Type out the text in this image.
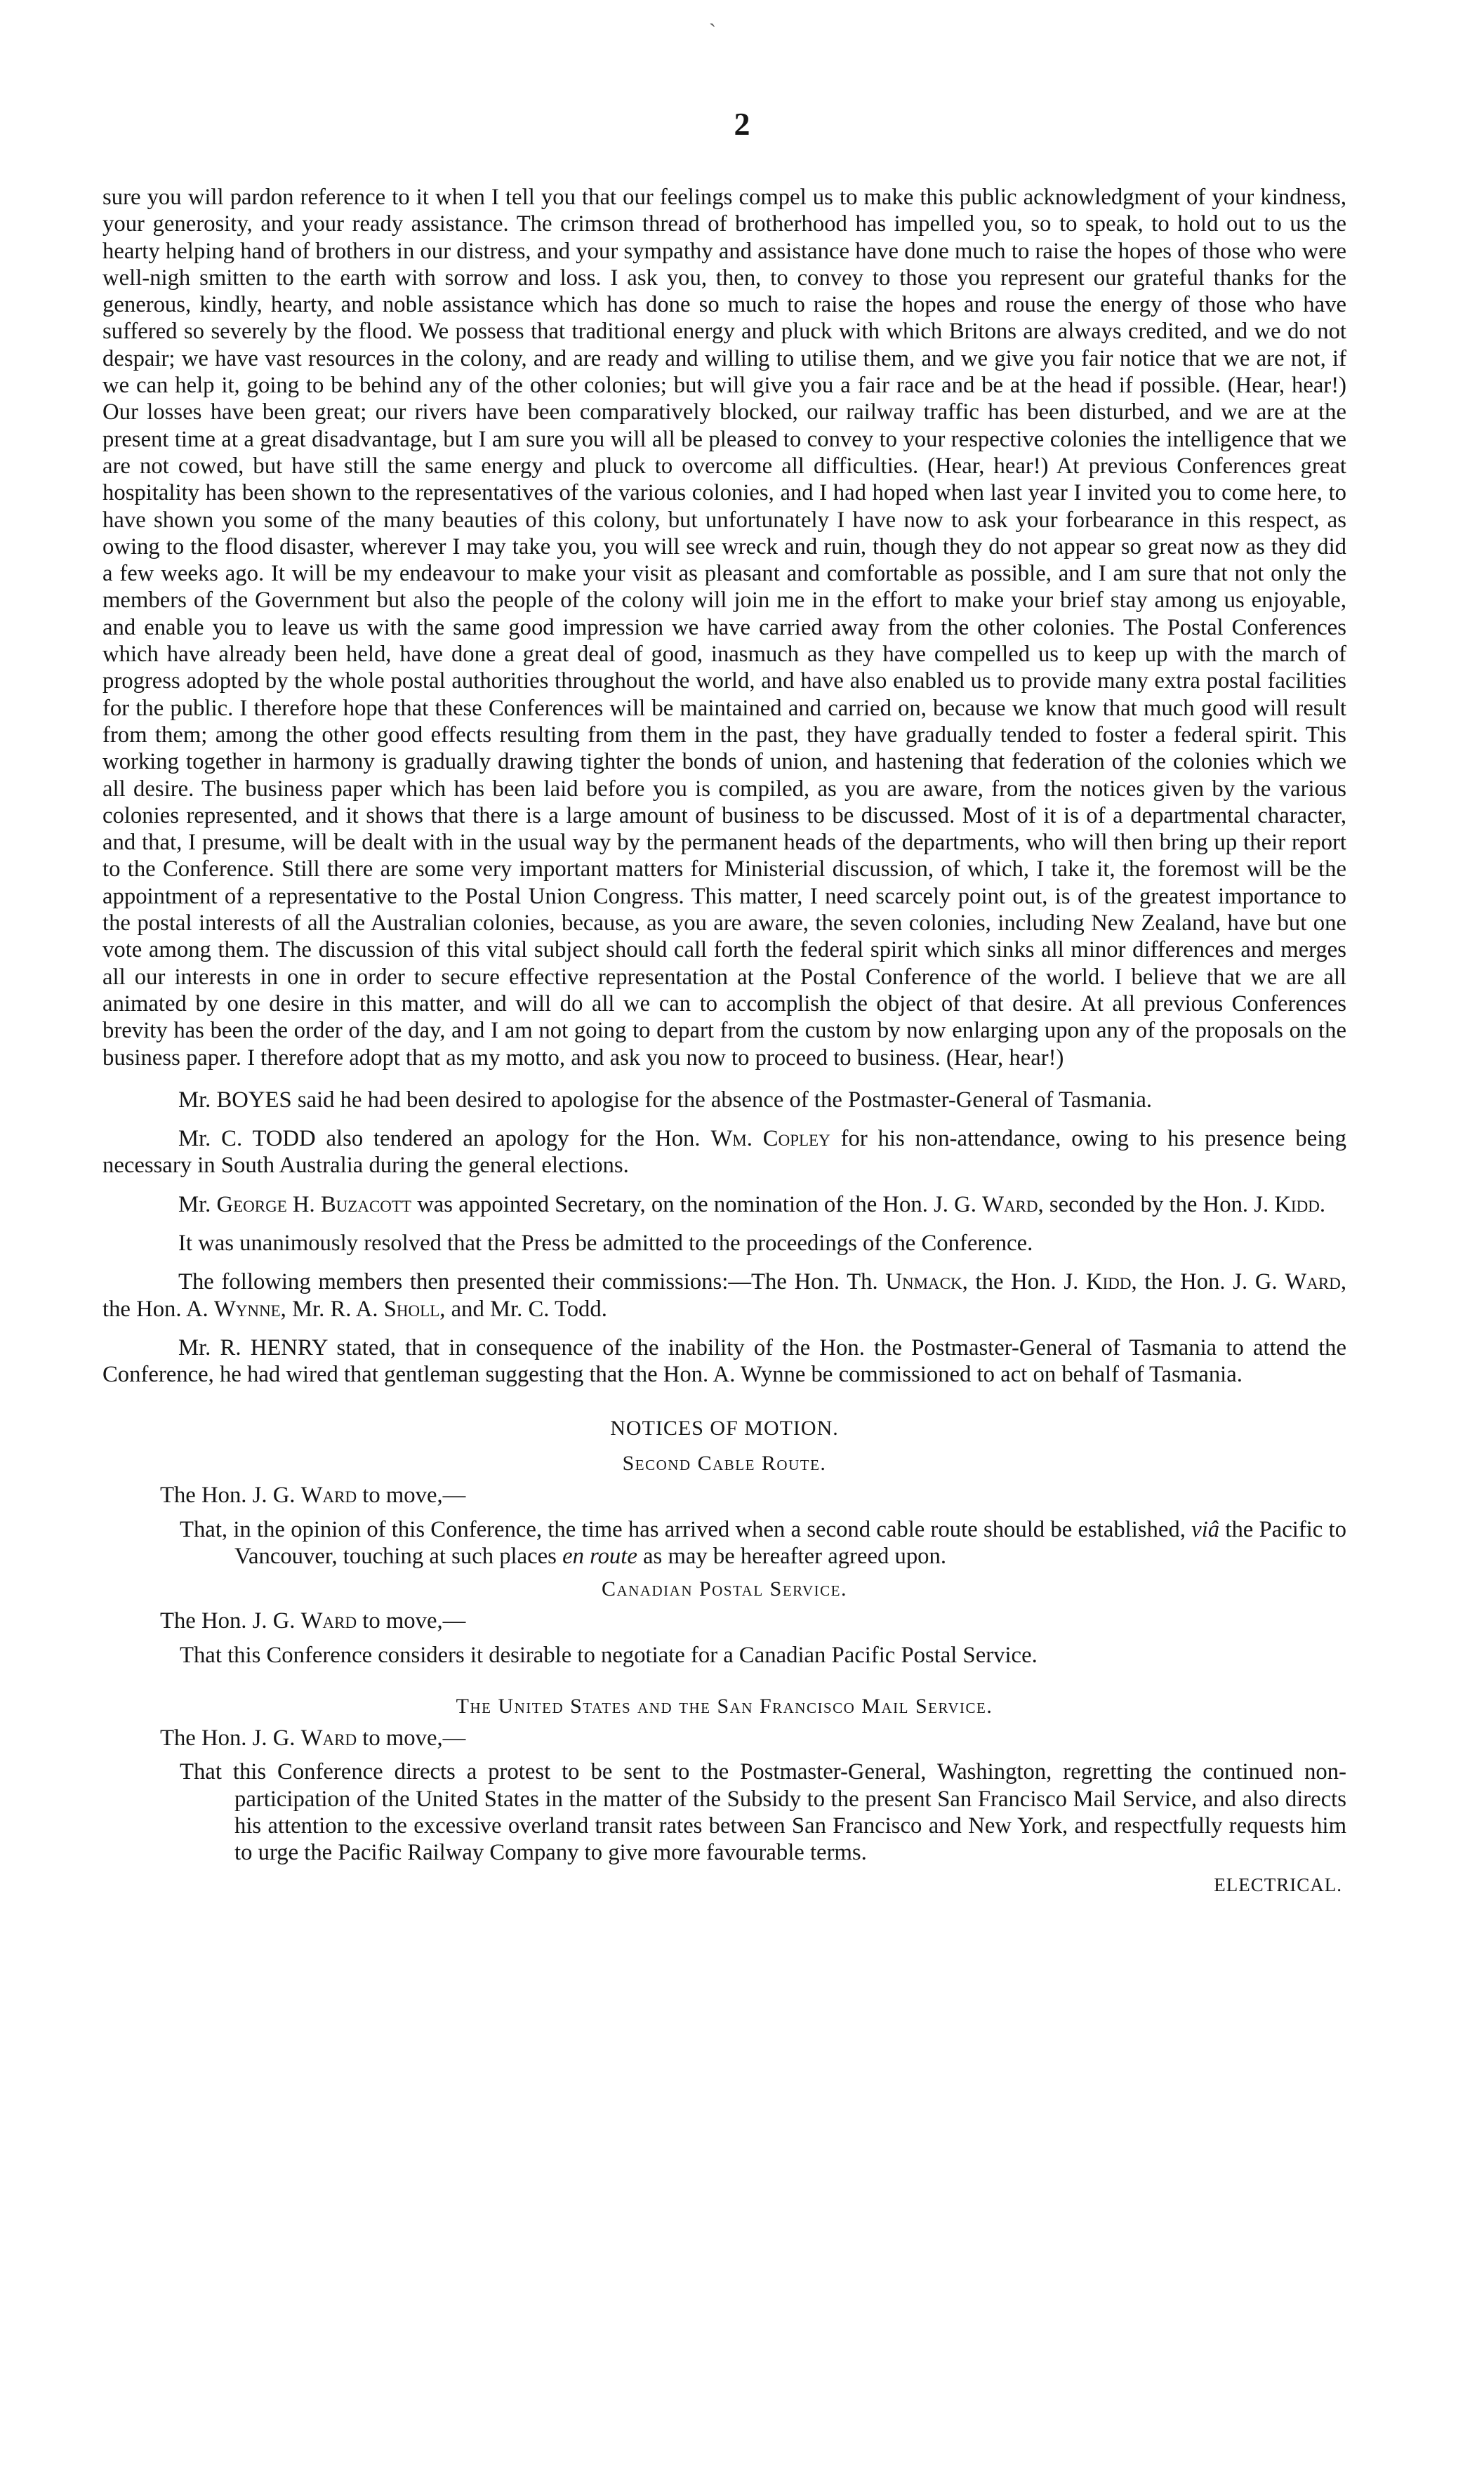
ˋ
2

sure you will pardon reference to it when I tell you that our feelings compel us to make this public acknowledgment of your kindness, your generosity, and your ready assistance. The crimson thread of brotherhood has impelled you, so to speak, to hold out to us the hearty helping hand of brothers in our distress, and your sympathy and assistance have done much to raise the hopes of those who were well-nigh smitten to the earth with sorrow and loss. I ask you, then, to convey to those you represent our grateful thanks for the generous, kindly, hearty, and noble assistance which has done so much to raise the hopes and rouse the energy of those who have suffered so severely by the flood. We possess that traditional energy and pluck with which Britons are always credited, and we do not despair; we have vast resources in the colony, and are ready and willing to utilise them, and we give you fair notice that we are not, if we can help it, going to be behind any of the other colonies; but will give you a fair race and be at the head if possible. (Hear, hear!) Our losses have been great; our rivers have been comparatively blocked, our railway traffic has been disturbed, and we are at the present time at a great disadvantage, but I am sure you will all be pleased to convey to your respective colonies the intelligence that we are not cowed, but have still the same energy and pluck to overcome all difficulties. (Hear, hear!) At previous Conferences great hospitality has been shown to the representatives of the various colonies, and I had hoped when last year I invited you to come here, to have shown you some of the many beauties of this colony, but unfortunately I have now to ask your forbearance in this respect, as owing to the flood disaster, wherever I may take you, you will see wreck and ruin, though they do not appear so great now as they did a few weeks ago. It will be my endeavour to make your visit as pleasant and comfortable as possible, and I am sure that not only the members of the Government but also the people of the colony will join me in the effort to make your brief stay among us enjoyable, and enable you to leave us with the same good impression we have carried away from the other colonies. The Postal Conferences which have already been held, have done a great deal of good, inasmuch as they have compelled us to keep up with the march of progress adopted by the whole postal authorities throughout the world, and have also enabled us to provide many extra postal facilities for the public. I therefore hope that these Conferences will be maintained and carried on, because we know that much good will result from them; among the other good effects resulting from them in the past, they have gradually tended to foster a federal spirit. This working together in harmony is gradually drawing tighter the bonds of union, and hastening that federation of the colonies which we all desire. The business paper which has been laid before you is compiled, as you are aware, from the notices given by the various colonies represented, and it shows that there is a large amount of business to be discussed. Most of it is of a departmental character, and that, I presume, will be dealt with in the usual way by the permanent heads of the departments, who will then bring up their report to the Conference. Still there are some very important matters for Ministerial discussion, of which, I take it, the foremost will be the appointment of a representative to the Postal Union Congress. This matter, I need scarcely point out, is of the greatest importance to the postal interests of all the Australian colonies, because, as you are aware, the seven colonies, including New Zealand, have but one vote among them. The discussion of this vital subject should call forth the federal spirit which sinks all minor differences and merges all our interests in one in order to secure effective representation at the Postal Conference of the world. I believe that we are all animated by one desire in this matter, and will do all we can to accomplish the object of that desire. At all previous Conferences brevity has been the order of the day, and I am not going to depart from the custom by now enlarging upon any of the proposals on the business paper. I therefore adopt that as my motto, and ask you now to proceed to business. (Hear, hear!)

Mr. BOYES said he had been desired to apologise for the absence of the Postmaster-General of Tasmania.

Mr. C. TODD also tendered an apology for the Hon. Wm. Copley for his non-attendance, owing to his presence being necessary in South Australia during the general elections.

Mr. George H. Buzacott was appointed Secretary, on the nomination of the Hon. J. G. Ward, seconded by the Hon. J. Kidd.

It was unanimously resolved that the Press be admitted to the proceedings of the Conference.

The following members then presented their commissions:—The Hon. Th. Unmack, the Hon. J. Kidd, the Hon. J. G. Ward, the Hon. A. Wynne, Mr. R. A. Sholl, and Mr. C. Todd.

Mr. R. HENRY stated, that in consequence of the inability of the Hon. the Postmaster-General of Tasmania to attend the Conference, he had wired that gentleman suggesting that the Hon. A. Wynne be commissioned to act on behalf of Tasmania.

NOTICES OF MOTION.
Second Cable Route.
The Hon. J. G. Ward to move,—

That, in the opinion of this Conference, the time has arrived when a second cable route should be established, viâ the Pacific to Vancouver, touching at such places en route as may be hereafter agreed upon.

Canadian Postal Service.
The Hon. J. G. Ward to move,—

That this Conference considers it desirable to negotiate for a Canadian Pacific Postal Service.

The United States and the San Francisco Mail Service.
The Hon. J. G. Ward to move,—

That this Conference directs a protest to be sent to the Postmaster-General, Washington, regretting the continued non-participation of the United States in the matter of the Subsidy to the present San Francisco Mail Service, and also directs his attention to the excessive overland transit rates between San Francisco and New York, and respectfully requests him to urge the Pacific Railway Company to give more favourable terms.

ELECTRICAL.
